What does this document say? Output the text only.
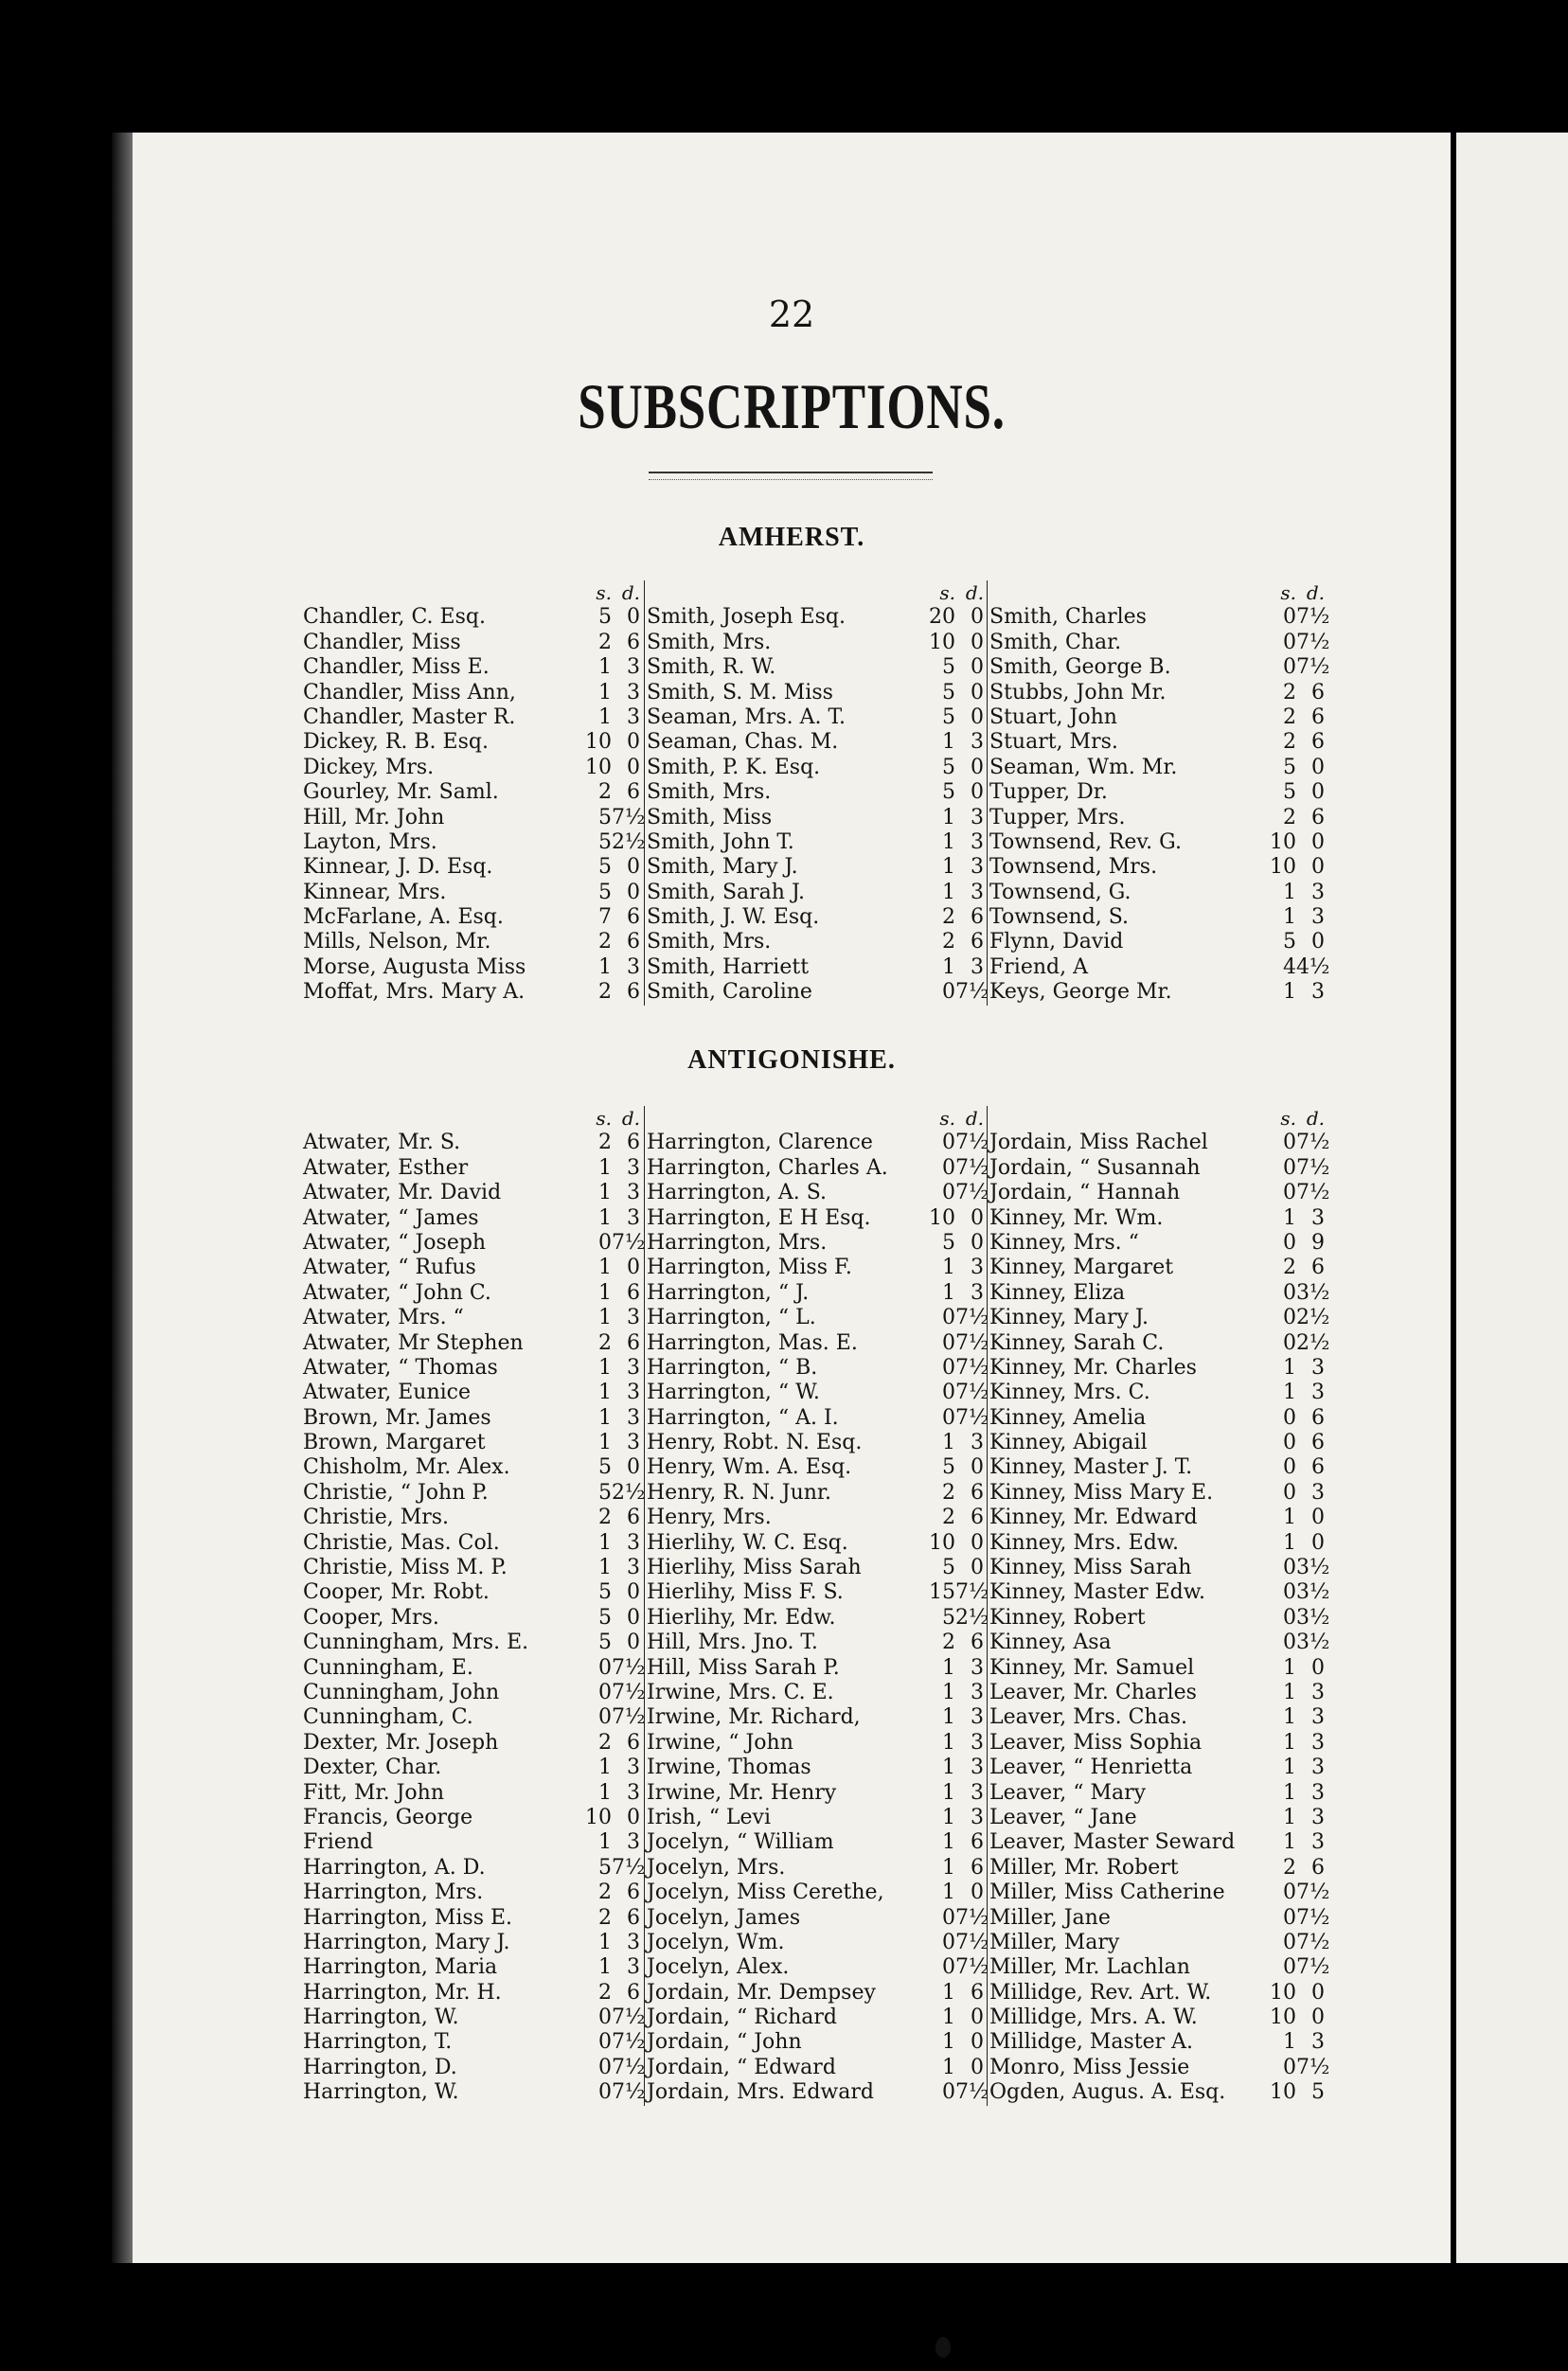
22
SUBSCRIPTIONS.
AMHERST.
s. d.
Chandler, C. Esq.	5 0
Chandler, Miss	2 6
Chandler, Miss E.	1 3
Chandler, Miss Ann,	1 3
Chandler, Master R.	1 3
Dickey, R. B. Esq.	10 0
Dickey, Mrs.	10 0
Gourley, Mr. Saml.	2 6
Hill, Mr. John	5 7½
Layton, Mrs.	5 2½
Kinnear, J. D. Esq.	5 0
Kinnear, Mrs.	5 0
McFarlane, A. Esq.	7 6
Mills, Nelson, Mr.	2 6
Morse, Augusta Miss	1 3
Moffat, Mrs. Mary A.	2 6
s. d.
Smith, Joseph Esq.	20 0
Smith, Mrs.	10 0
Smith, R. W.	5 0
Smith, S. M. Miss	5 0
Seaman, Mrs. A. T.	5 0
Seaman, Chas. M.	1 3
Smith, P. K. Esq.	5 0
Smith, Mrs.	5 0
Smith, Miss	1 3
Smith, John T.	1 3
Smith, Mary J.	1 3
Smith, Sarah J.	1 3
Smith, J. W. Esq.	2 6
Smith, Mrs.	2 6
Smith, Harriett	1 3
Smith, Caroline	0 7½
s. d.
Smith, Charles	0 7½
Smith, Char.	0 7½
Smith, George B.	0 7½
Stubbs, John Mr.	2 6
Stuart, John	2 6
Stuart, Mrs.	2 6
Seaman, Wm. Mr.	5 0
Tupper, Dr.	5 0
Tupper, Mrs.	2 6
Townsend, Rev. G.	10 0
Townsend, Mrs.	10 0
Townsend, G.	1 3
Townsend, S.	1 3
Flynn, David	5 0
Friend, A	4 4½
Keys, George Mr.	1 3
ANTIGONISHE.
s. d.
Atwater, Mr. S.	2 6
Atwater, Esther	1 3
Atwater, Mr. David	1 3
Atwater, “ James	1 3
Atwater, “ Joseph	0 7½
Atwater, “ Rufus	1 0
Atwater, “ John C.	1 6
Atwater, Mrs. “	1 3
Atwater, Mr Stephen	2 6
Atwater, “ Thomas	1 3
Atwater, Eunice	1 3
Brown, Mr. James	1 3
Brown, Margaret	1 3
Chisholm, Mr. Alex.	5 0
Christie, “ John P.	5 2½
Christie, Mrs.	2 6
Christie, Mas. Col.	1 3
Christie, Miss M. P.	1 3
Cooper, Mr. Robt.	5 0
Cooper, Mrs.	5 0
Cunningham, Mrs. E.	5 0
Cunningham, E.	0 7½
Cunningham, John	0 7½
Cunningham, C.	0 7½
Dexter, Mr. Joseph	2 6
Dexter, Char.	1 3
Fitt, Mr. John	1 3
Francis, George	10 0
Friend	1 3
Harrington, A. D.	5 7½
Harrington, Mrs.	2 6
Harrington, Miss E.	2 6
Harrington, Mary J.	1 3
Harrington, Maria	1 3
Harrington, Mr. H.	2 6
Harrington, W.	0 7½
Harrington, T.	0 7½
Harrington, D.	0 7½
Harrington, W.	0 7½
s. d.
Harrington, Clarence	0 7½
Harrington, Charles A.	0 7½
Harrington, A. S.	0 7½
Harrington, E H Esq.	10 0
Harrington, Mrs.	5 0
Harrington, Miss F.	1 3
Harrington, “ J.	1 3
Harrington, “ L.	0 7½
Harrington, Mas. E.	0 7½
Harrington, “ B.	0 7½
Harrington, “ W.	0 7½
Harrington, “ A. I.	0 7½
Henry, Robt. N. Esq.	1 3
Henry, Wm. A. Esq.	5 0
Henry, R. N. Junr.	2 6
Henry, Mrs.	2 6
Hierlihy, W. C. Esq.	10 0
Hierlihy, Miss Sarah	5 0
Hierlihy, Miss F. S.	15 7½
Hierlihy, Mr. Edw.	5 2½
Hill, Mrs. Jno. T.	2 6
Hill, Miss Sarah P.	1 3
Irwine, Mrs. C. E.	1 3
Irwine, Mr. Richard,	1 3
Irwine, “ John	1 3
Irwine, Thomas	1 3
Irwine, Mr. Henry	1 3
Irish, “ Levi	1 3
Jocelyn, “ William	1 6
Jocelyn, Mrs.	1 6
Jocelyn, Miss Cerethe,	1 0
Jocelyn, James	0 7½
Jocelyn, Wm.	0 7½
Jocelyn, Alex.	0 7½
Jordain, Mr. Dempsey	1 6
Jordain, “ Richard	1 0
Jordain, “ John	1 0
Jordain, “ Edward	1 0
Jordain, Mrs. Edward	0 7½
s. d.
Jordain, Miss Rachel	0 7½
Jordain, “ Susannah	0 7½
Jordain, “ Hannah	0 7½
Kinney, Mr. Wm.	1 3
Kinney, Mrs. “	0 9
Kinney, Margaret	2 6
Kinney, Eliza	0 3½
Kinney, Mary J.	0 2½
Kinney, Sarah C.	0 2½
Kinney, Mr. Charles	1 3
Kinney, Mrs. C.	1 3
Kinney, Amelia	0 6
Kinney, Abigail	0 6
Kinney, Master J. T.	0 6
Kinney, Miss Mary E.	0 3
Kinney, Mr. Edward	1 0
Kinney, Mrs. Edw.	1 0
Kinney, Miss Sarah	0 3½
Kinney, Master Edw.	0 3½
Kinney, Robert	0 3½
Kinney, Asa	0 3½
Kinney, Mr. Samuel	1 0
Leaver, Mr. Charles	1 3
Leaver, Mrs. Chas.	1 3
Leaver, Miss Sophia	1 3
Leaver, “ Henrietta	1 3
Leaver, “ Mary	1 3
Leaver, “ Jane	1 3
Leaver, Master Seward	1 3
Miller, Mr. Robert	2 6
Miller, Miss Catherine	0 7½
Miller, Jane	0 7½
Miller, Mary	0 7½
Miller, Mr. Lachlan	0 7½
Millidge, Rev. Art. W.	10 0
Millidge, Mrs. A. W.	10 0
Millidge, Master A.	1 3
Monro, Miss Jessie	0 7½
Ogden, Augus. A. Esq.	10 5
